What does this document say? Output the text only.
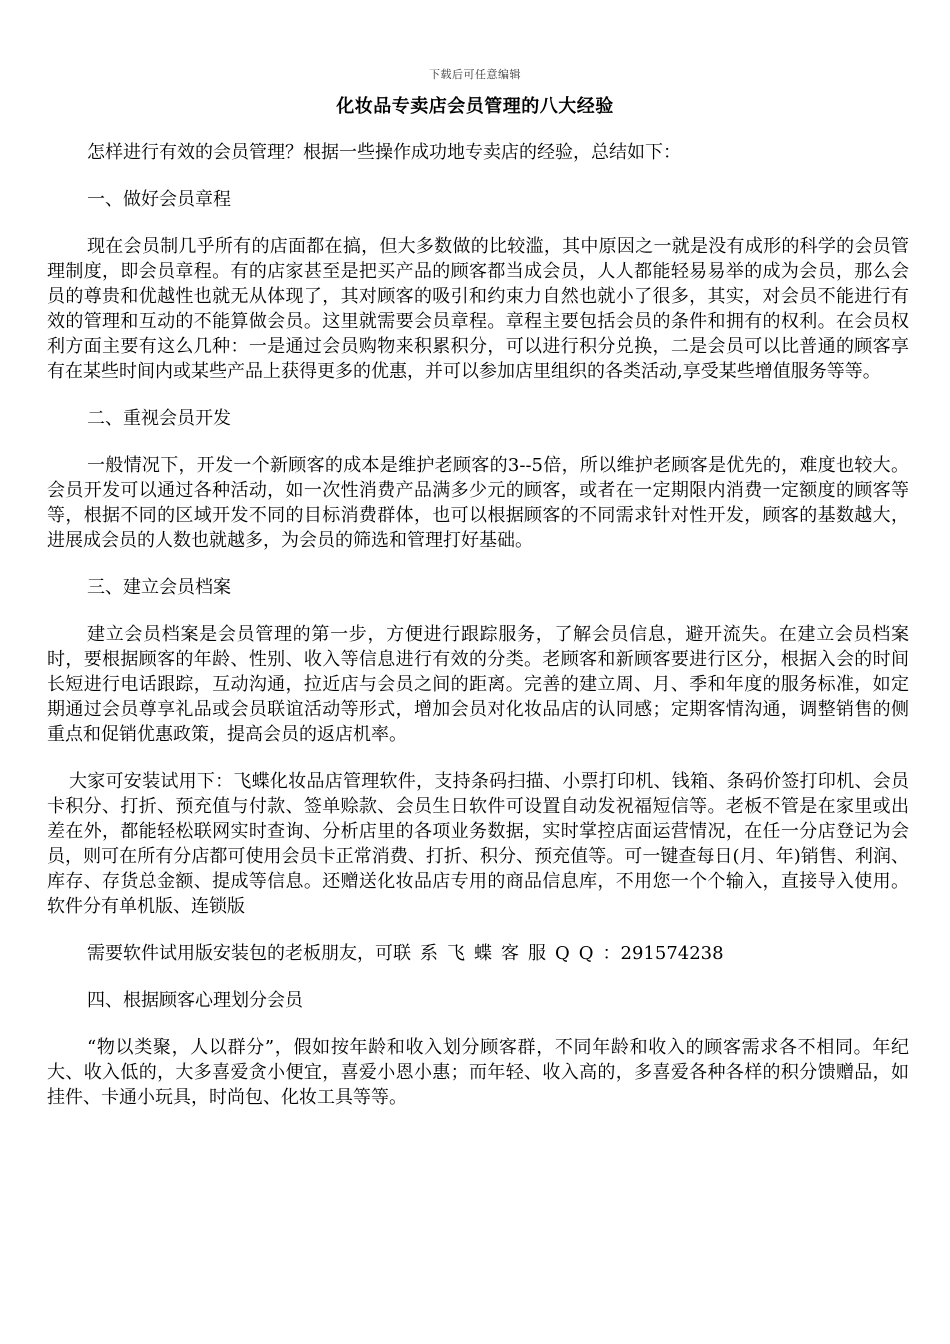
下载后可任意编辑
化妆品专卖店会员管理的八大经验

怎样进行有效的会员管理？根据一些操作成功地专卖店的经验，总结如下：

一、做好会员章程

现在会员制几乎所有的店面都在搞，但大多数做的比较滥，其中原因之一就是没有成形的科学的会员管理制度，即会员章程。有的店家甚至是把买产品的顾客都当成会员，人人都能轻易易举的成为会员，那么会员的尊贵和优越性也就无从体现了，其对顾客的吸引和约束力自然也就小了很多，其实，对会员不能进行有效的管理和互动的不能算做会员。这里就需要会员章程。章程主要包括会员的条件和拥有的权利。在会员权利方面主要有这么几种：一是通过会员购物来积累积分，可以进行积分兑换，二是会员可以比普通的顾客享有在某些时间内或某些产品上获得更多的优惠，并可以参加店里组织的各类活动,享受某些增值服务等等。

二、重视会员开发

一般情况下，开发一个新顾客的成本是维护老顾客的3--5倍，所以维护老顾客是优先的，难度也较大。会员开发可以通过各种活动，如一次性消费产品满多少元的顾客，或者在一定期限内消费一定额度的顾客等等，根据不同的区域开发不同的目标消费群体，也可以根据顾客的不同需求针对性开发，顾客的基数越大，进展成会员的人数也就越多，为会员的筛选和管理打好基础。

三、建立会员档案

建立会员档案是会员管理的第一步，方便进行跟踪服务，了解会员信息，避开流失。在建立会员档案时，要根据顾客的年龄、性别、收入等信息进行有效的分类。老顾客和新顾客要进行区分，根据入会的时间长短进行电话跟踪，互动沟通，拉近店与会员之间的距离。完善的建立周、月、季和年度的服务标准，如定期通过会员尊享礼品或会员联谊活动等形式，增加会员对化妆品店的认同感；定期客情沟通，调整销售的侧重点和促销优惠政策，提高会员的返店机率。

大家可安装试用下：飞蝶化妆品店管理软件，支持条码扫描、小票打印机、钱箱、条码价签打印机、会员卡积分、打折、预充值与付款、签单赊款、会员生日软件可设置自动发祝福短信等。老板不管是在家里或出差在外，都能轻松联网实时查询、分析店里的各项业务数据，实时掌控店面运营情况，在任一分店登记为会员，则可在所有分店都可使用会员卡正常消费、打折、积分、预充值等。可一键查每日(月、年)销售、利润、库存、存货总金额、提成等信息。还赠送化妆品店专用的商品信息库，不用您一个个输入，直接导入使用。软件分有单机版、连锁版

需要软件试用版安装包的老板朋友，可联系飞蝶客服QQ：291574238

四、根据顾客心理划分会员

“物以类聚，人以群分”，假如按年龄和收入划分顾客群，不同年龄和收入的顾客需求各不相同。年纪大、收入低的，大多喜爱贪小便宜，喜爱小恩小惠；而年轻、收入高的，多喜爱各种各样的积分馈赠品，如挂件、卡通小玩具，时尚包、化妆工具等等。
